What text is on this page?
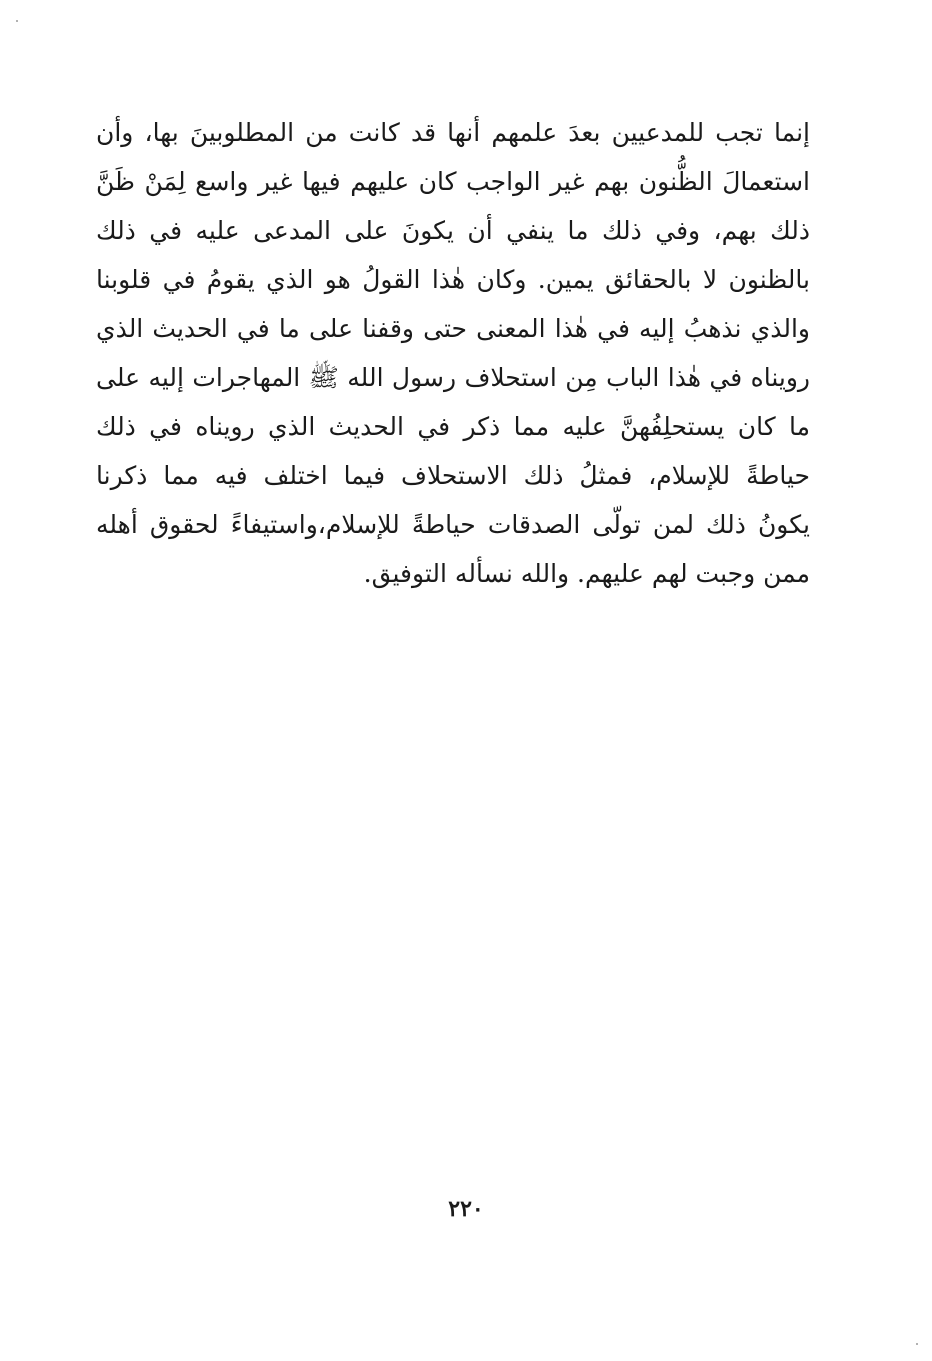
إنما تجب للمدعيين بعدَ علمهم أنها قد كانت من المطلوبينَ بها، وأن
استعمالَ الظُّنون بهم غير الواجب كان عليهم فيها غير واسع لِمَنْ ظَنَّ
ذلك بهم، وفي ذلك ما ينفي أن يكونَ على المدعى عليه في ذلك
بالظنون لا بالحقائق يمين. وكان هٰذا القولُ هو الذي يقومُ في قلوبنا
والذي نذهبُ إليه في هٰذا المعنى حتى وقفنا على ما في الحديث الذي
رويناه في هٰذا الباب مِن استحلاف رسول الله ﷺ المهاجرات إليه على
ما كان يستحلِفُهنَّ عليه مما ذكر في الحديث الذي رويناه في ذلك
حياطةً للإسلام، فمثلُ ذلك الاستحلاف فيما اختلف فيه مما ذكرنا
يكونُ ذلك لمن تولّى الصدقات حياطةً للإسلام،واستيفاءً لحقوق أهله
ممن وجبت لهم عليهم. والله نسأله التوفيق.
٢٢٠
